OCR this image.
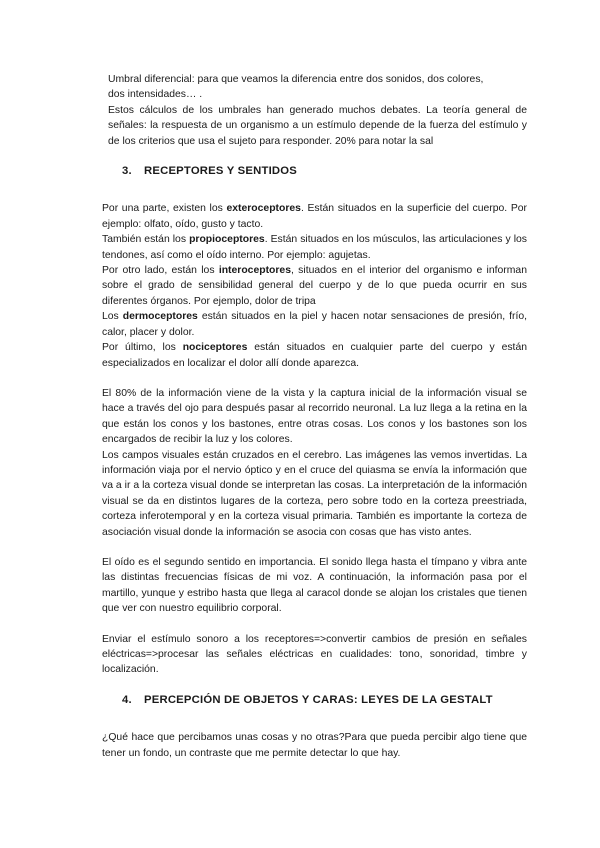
Umbral diferencial: para que veamos la diferencia entre dos sonidos, dos colores,

dos intensidades… .

Estos cálculos de los umbrales han generado muchos debates. La teoría general de señales: la respuesta de un organismo a un estímulo depende de la fuerza del estímulo y de los criterios que usa el sujeto para responder. 20% para notar la sal

3. RECEPTORES Y SENTIDOS

Por una parte, existen los exteroceptores. Están situados en la superficie del cuerpo. Por ejemplo: olfato, oído, gusto y tacto.

También están los propioceptores. Están situados en los músculos, las articulaciones y los tendones, así como el oído interno. Por ejemplo: agujetas.

Por otro lado, están los interoceptores, situados en el interior del organismo e informan sobre el grado de sensibilidad general del cuerpo y de lo que pueda ocurrir en sus diferentes órganos. Por ejemplo, dolor de tripa

Los dermoceptores están situados en la piel y hacen notar sensaciones de presión, frío, calor, placer y dolor.

Por último, los nociceptores están situados en cualquier parte del cuerpo y están especializados en localizar el dolor allí donde aparezca.

El 80% de la información viene de la vista y la captura inicial de la información visual se hace a través del ojo para después pasar al recorrido neuronal. La luz llega a la retina en la que están los conos y los bastones, entre otras cosas. Los conos y los bastones son los encargados de recibir la luz y los colores.

Los campos visuales están cruzados en el cerebro. Las imágenes las vemos invertidas. La información viaja por el nervio óptico y en el cruce del quiasma se envía la información que va a ir a la corteza visual donde se interpretan las cosas. La interpretación de la información visual se da en distintos lugares de la corteza, pero sobre todo en la corteza preestriada, corteza inferotemporal y en la corteza visual primaria. También es importante la corteza de asociación visual donde la información se asocia con cosas que has visto antes.

El oído es el segundo sentido en importancia. El sonido llega hasta el tímpano y vibra ante las distintas frecuencias físicas de mi voz. A continuación, la información pasa por el martillo, yunque y estribo hasta que llega al caracol donde se alojan los cristales que tienen que ver con nuestro equilibrio corporal.

Enviar el estímulo sonoro a los receptores=>convertir cambios de presión en señales eléctricas=>procesar las señales eléctricas en cualidades: tono, sonoridad, timbre y localización.

4. PERCEPCIÓN DE OBJETOS Y CARAS: LEYES DE LA GESTALT

¿Qué hace que percibamos unas cosas y no otras?Para que pueda percibir algo tiene que tener un fondo, un contraste que me permite detectar lo que hay.
